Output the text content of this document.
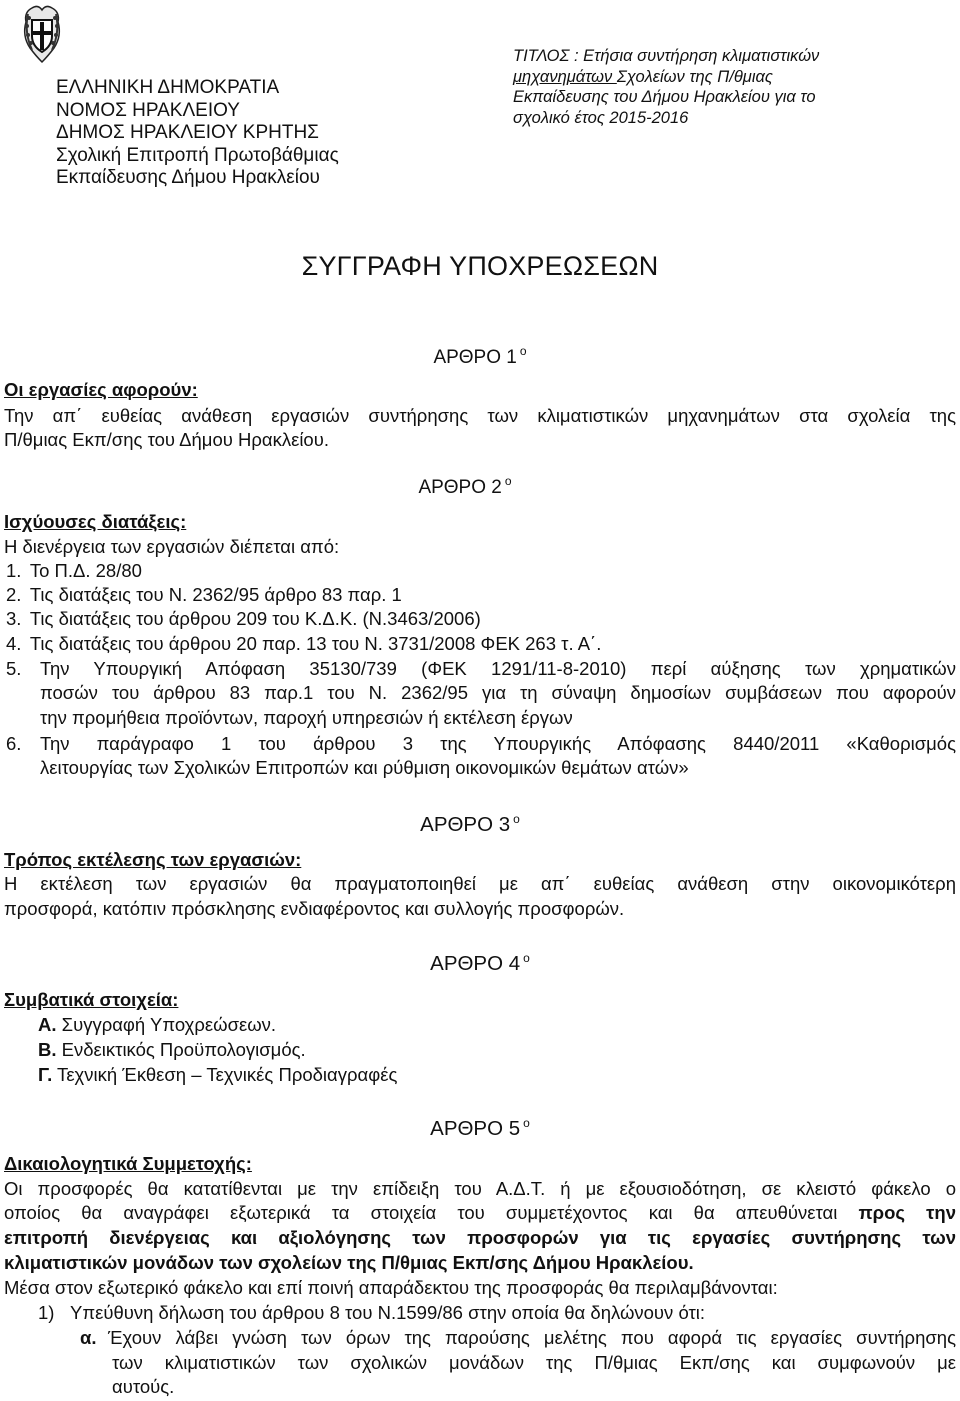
ΕΛΛΗΝΙΚΗ ΔΗΜΟΚΡΑΤΙΑ
ΝΟΜΟΣ ΗΡΑΚΛΕΙΟΥ
ΔΗΜΟΣ ΗΡΑΚΛΕΙΟΥ ΚΡΗΤΗΣ
Σχολική Επιτροπή Πρωτοβάθμιας
Εκπαίδευσης Δήμου Ηρακλείου
ΤΙΤΛΟΣ : Ετήσια συντήρηση κλιματιστικών
μηχανημάτων Σχολείων της Π/θμιας
Εκπαίδευσης του Δήμου Ηρακλείου για το
σχολικό έτος 2015-2016
ΣΥΓΓΡΑΦΗ ΥΠΟΧΡΕΩΣΕΩΝ
ΑΡΘΡΟ 1 $^o$
Οι εργασίες αφορούν:
Την απ΄ ευθείας ανάθεση εργασιών συντήρησης των κλιματιστικών μηχανημάτων στα σχολεία της
Π/θμιας Εκπ/σης του Δήμου Ηρακλείου.
ΑΡΘΡΟ 2 $^o$
Ισχύουσες διατάξεις:
Η διενέργεια των εργασιών διέπεται από:
1. Το Π.Δ. 28/80
2. Τις διατάξεις του Ν. 2362/95 άρθρο 83 παρ. 1
3. Τις διατάξεις του άρθρου 209 του Κ.Δ.Κ. (Ν.3463/2006)
4. Τις διατάξεις του άρθρου 20 παρ. 13 του Ν. 3731/2008 ΦΕΚ 263 τ. Α΄.
5. Την Υπουργική Απόφαση 35130/739 (ΦΕΚ 1291/11-8-2010) περί αύξησης των χρηματικών
ποσών του άρθρου 83 παρ.1 του Ν. 2362/95 για τη σύναψη δημοσίων συμβάσεων που αφορούν
την προμήθεια προϊόντων, παροχή υπηρεσιών ή εκτέλεση έργων
6. Την παράγραφο 1 του άρθρου 3 της Υπουργικής Απόφασης 8440/2011 «Καθορισμός
λειτουργίας των Σχολικών Επιτροπών και ρύθμιση οικονομικών θεμάτων ατών»
ΑΡΘΡΟ 3 $^o$
Τρόπος εκτέλεσης των εργασιών:
Η εκτέλεση των εργασιών θα πραγματοποιηθεί με απ΄ ευθείας ανάθεση στην οικονομικότερη
προσφορά, κατόπιν πρόσκλησης ενδιαφέροντος και συλλογής προσφορών.
ΑΡΘΡΟ 4 $^o$
Συμβατικά στοιχεία:
Α. Συγγραφή Υποχρεώσεων.
Β. Ενδεικτικός Προϋπολογισμός.
Γ. Τεχνική Έκθεση – Τεχνικές Προδιαγραφές
ΑΡΘΡΟ 5 $^o$
Δικαιολογητικά Συμμετοχής:
Οι προσφορές θα κατατίθενται με την επίδειξη του Α.Δ.Τ. ή με εξουσιοδότηση, σε κλειστό φάκελο ο
οποίος θα αναγράφει εξωτερικά τα στοιχεία του συμμετέχοντος και θα απευθύνεται προς την
επιτροπή διενέργειας και αξιολόγησης των προσφορών για τις εργασίες συντήρησης των
κλιματιστικών μονάδων των σχολείων της Π/θμιας Εκπ/σης Δήμου Ηρακλείου.
Μέσα στον εξωτερικό φάκελο και επί ποινή απαράδεκτου της προσφοράς θα περιλαμβάνονται:
1) Υπεύθυνη δήλωση του άρθρου 8 του Ν.1599/86 στην οποία θα δηλώνουν ότι:
α. Έχουν λάβει γνώση των όρων της παρούσης μελέτης που αφορά τις εργασίες συντήρησης
των κλιματιστικών των σχολικών μονάδων της Π/θμιας Εκπ/σης και συμφωνούν με
αυτούς.
